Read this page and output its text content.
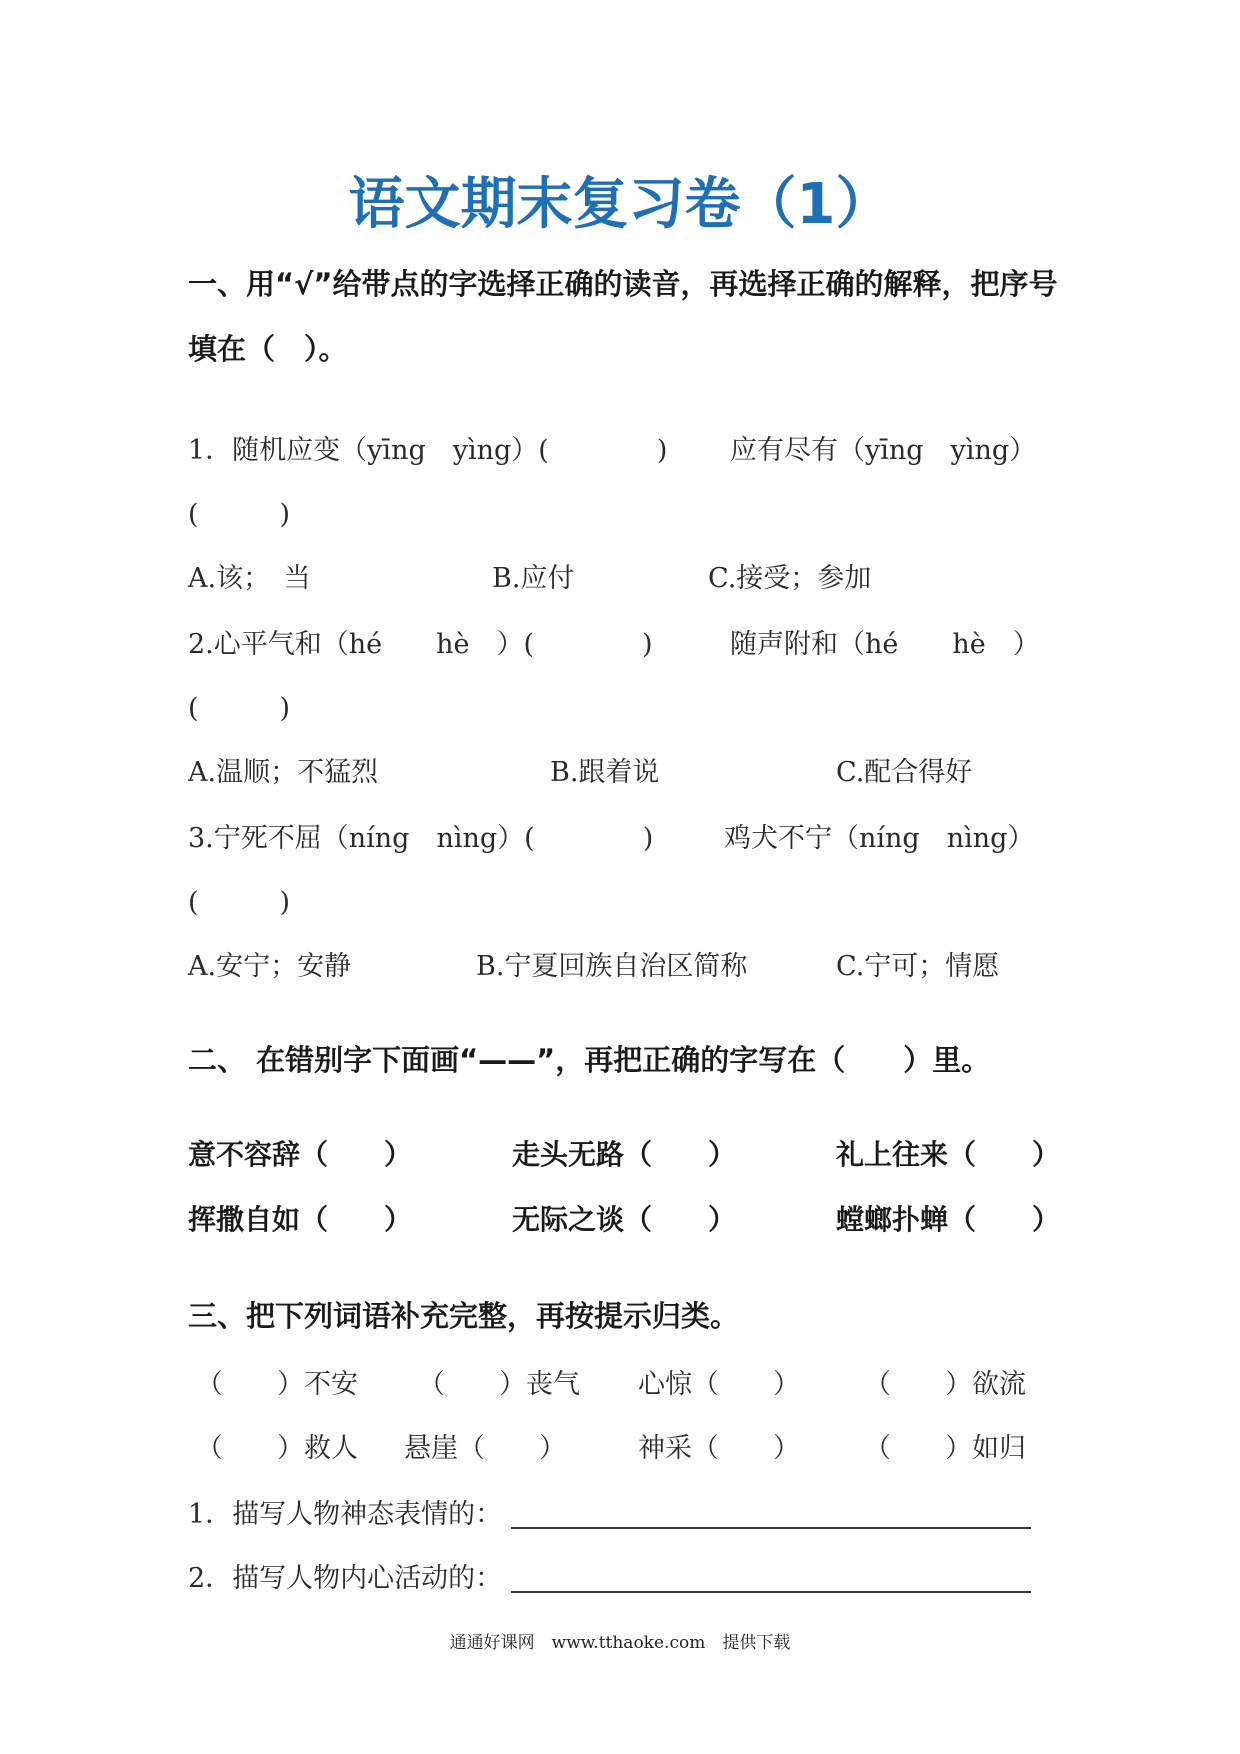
语文期末复习卷（1）
一、用“√”给带点的字选择正确的读音，再选择正确的解释，把序号
填在（　）。
1．随机应变（yīng　yìng）(　　　　) 应有尽有（yīng　yìng）
(　　　)
A.该；　当	B.应付	C.接受；参加
2.心平气和（hé　　hè　）(　　　　)	随声附和（hé　　hè　）
(　　　)
A.温顺；不猛烈	B.跟着说	C.配合得好
3.宁死不屈（níng　nìng）(　　　　)	鸡犬不宁（níng　nìng）
(　　　)
A.安宁；安静	B.宁夏回族自治区简称	C.宁可；情愿
二、 在错别字下面画“——”，再把正确的字写在（　　）里。
意不容辞（　　）	走头无路（　　）	礼上往来（　　）
挥撒自如（　　）	无际之谈（　　）	螳螂扑蝉（　　）
三、把下列词语补充完整，再按提示归类。
（　　）不安 （　　）丧气 心惊（　　） （　　）欲流
（　　）救人 悬崖（　　）	神采（　　） （　　）如归
1．描写人物神态表情的：
2．描写人物内心活动的：
通通好课网　www.tthaoke.com　提供下载
